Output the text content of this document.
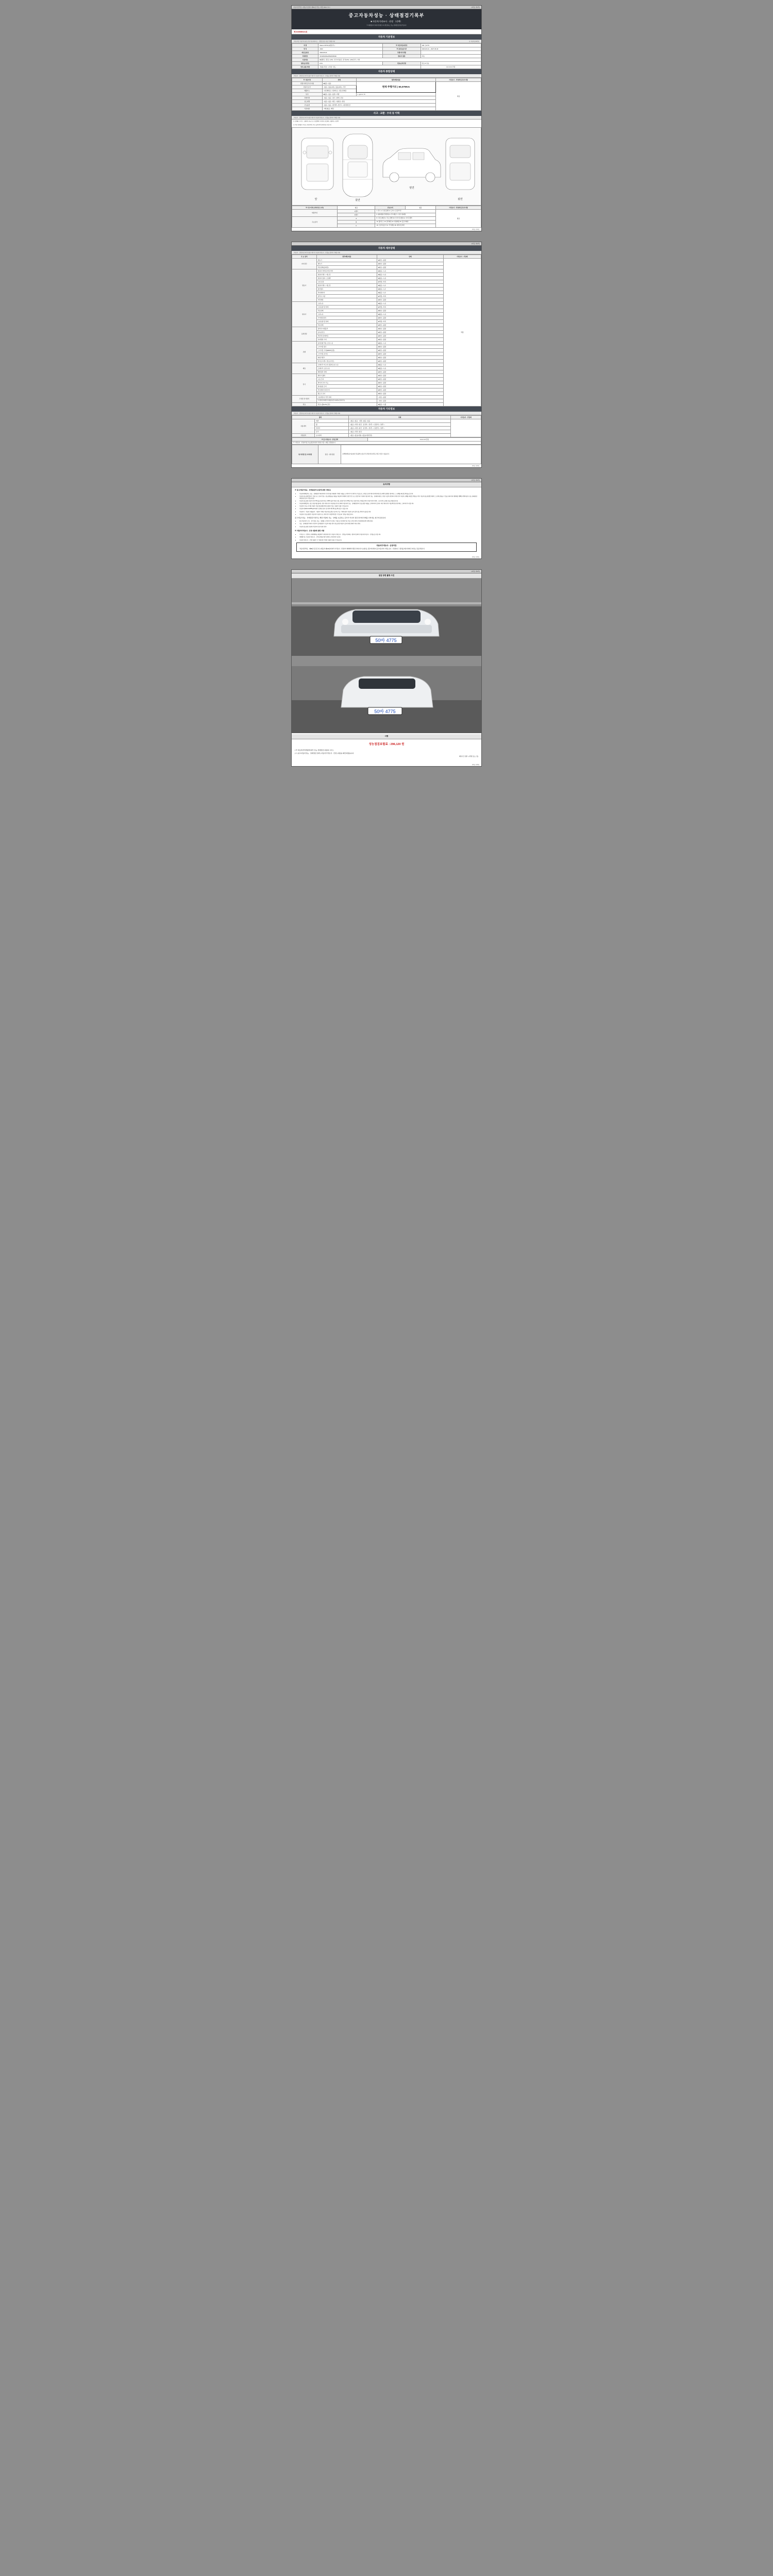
자동차관리법 시행규칙 [별지 제82호서식] <개정 2021.7.6.>	(3쪽중 제1쪽)
중고자동차성능 · 상태점검기록부
■ 자동차가격조사 · 산정 （선택）
※ 매매업자가 매수인에게 고지·발급하는 성능·상태점검기록부입니다
제 0235089131호
자동차 기본정보
(자동차법 거짓기재 통보신청 자동차관리소 · 산업별 검토사항 기재됩니다)	※ 자동차등록번호
차 명	Mean 2.0TDI (4륜방식 )	※ 자동차등록번호	106 구4775
연 식	2023	※ 검사유효기간	2023-06-01 ~ 2027-06-30
최초등록일	2023-05-31	주행거리 현황	-
차대번호	WVWZZZ3HZPEX005300	변속기 종류	자동
사용연료	■휘발유 □경유 □LPG □전기/가솔린 □전기/LPG □LPG전기 □기타		
형식승인번호	D7U	연료/승차인원	연료 5 인승
연식·유종·색상	전(前) 차량 : 1 차량 / 결도 :		0 0 0 0 0 만원
자동차 종합상태
(자동차 · 산업에 및 특기사항은 매수자 자동차가격조사 · 산업을 결과에 기재합니다)
※ 사용이력	상태	항목/해당내용	가격조사 · 산업에 및 특기사항
연점기계 및 특기사항	■없음 □있음	현재 주행거리 | 50,079Km	적정
자동차 초기	□없음 □있음(1회) □있음(2회) □기타		
배출가스	□일산화탄소 □탄화수소 □질소산화물		
튜닝	■없음 □있음 □불법 □적법	1. ppm 2. %	
특별이력	□없음 □있음 □침수 □화재 □전손		
용도변경	□없음 □있음 □렌트 □영업용 □관용		
주요옵션	□없음 □있음 □에어백 □썬루프 □네비게이션		
리콜대상	□해당없음 □해당		
사고 · 교환 · 수리 등 이력
(자동차 · 산업에 및 특기사항은 매수자 자동차가격조사 · 산업을 결과에 기재합니다)
※ 상태표시 부호 : 교환(X), 판금 또는 용접(W), 부식(C), 흠집(A), 요철(U), 손상(T)
※ 하단 상태표시 부호는 외판부위, 주요 골격부위 상태에 표시합니다
앞	윗면
옆면
뒷면
※ 사고이력 (교차/단순 수리)	없음	단순수리	없음	가격조사 · 산업에 및 특기사항
외판부위	1랭크	1. 후드 2. 프론트펜더 3. 도어 4. 트렁크리드		없음
	2랭크	5. 쿼터패널(리어펜더) 6. 루프패널 7. 사이드실패널		
주요골격	A	8. 프론트패널 9. 크로스멤버 10. 인사이드패널 11. 사이드멤버		
	B	12. 휠하우스 13. 필러패널 14. 대쉬패널 15. 플로어패널		
	C	16. 트렁크플로어 17. 리어패널 18. 패키지트레이		
(3쪽중 제1쪽)
(3쪽중 제2쪽)
자동차 세부상태
(자동차 · 산업에 및 특기사항은 매수자 자동차가격조사 · 산업을 결과에 기재합니다)
주 요 장치	항목/해당내용	상태	가격조사 · 산업에
자기진단	원동기	■양호 □불량	적정
	변속기	■양호 □불량	
	작동상태(공회전)	■양호 □불량	
원동기	실린더 커버/로커암 커버	■없음 □누유	
	실린더 헤드 / 개스킷	■없음 □누유	
	실린더 블록 / 오일팬	■없음 □누유	
	오일 유량	■적정 □부족	
	실린더 헤드 / 개스킷	■없음 □누수	
	워터펌프	■없음 □누수	
	라디에이터	■없음 □누수	
	냉각수 수량	■적정 □부족	
	커먼레일	■양호 □불량	
변속기	오일누유	■없음 □누유	
	오일유량 및 상태	■적정 □부족	
	작동상태	■양호 □불량	
	오일누유	■없음 □누유	
	기어변속장치	■양호 □불량	
	오일유량 및 상태	■적정 □부족	
	작동상태	■양호 □불량	
동력전달	클러치 어셈블리	■양호 □불량	
	등속조인트	■양호 □불량	
	추진축 및 베어링	■양호 □불량	
	디퍼렌셜 기어	■양호 □불량	
조향	동력조향 작동 오일 누유	■없음 □누유	
	스티어링 펌프	■양호 □불량	
	스티어링 기어(MDPS포함)	■양호 □불량	
	스티어링 조인트	■양호 □불량	
	파워크랭크	■양호 □불량	
	타이로드엔드 및 볼 조인트	■양호 □불량	
제동	브레이크 마스터 실린더오일 누유	■없음 □누유	
	브레이크 오일 누유	■없음 □누유	
	배력장치 상태	■양호 □불량	
전기	발전기 출력	■양호 □불량	
	시동 모터	■양호 □불량	
	와이퍼 모터 기능	■양호 □불량	
	실내송풍 모터	■양호 □불량	
	라디에이터 팬 모터	■양호 □불량	
	윈도우 모터	■양호 □불량	
고전원 전기장치	구동축전지 격리 상태	□양호 □불량	
	고전원전기배선 상태(접속단자/피복/손상/부식)	□양호 □불량	
연료	연료누출(LPG포함)	■없음 □누출	
자동차 기타정보
(자동차 · 산업에 및 특기사항은 매수자 자동차가격조사 · 산업을 결과에 기재합니다)
항목		상태	가격조사 · 산업에
사용내역	외관	□없음 □있음 내장 □없음 □있음	
	휠	□없음 □교환 □판금 운전석 □ 전/후 □ / 동반석 □ 전/후 □	
	타이어	□없음 □교환 □판금 운전석 □ 전/후 □ / 동반석 □ 전/후 □	
	유리	□없음 □교환 □판금	
기본품목	보수내역	□없음 □있음(지참) □있음(지참안함)	
※ 총 가격조사 · 산정 금액	0 0 0 0 0 만원
※ 가격조사 · 산정가격은 성능점검기록부 작성일 기준 시세로 산정합니다
특기사항 및 고지사항	점검 · 내부점검	본/해외에널오입/보험 컨트롤박스/들/고치 부분인입 완경 도색은 인물 수 있습니다.
(3쪽중 제2쪽)
(3쪽중 제3쪽)
유의사항
※ 중고자동차성능 · 상태점검의 보증에 관한 사항 등
• 자동차매매업자는 성능 · 상태점검기록부(이하 '산정 내용 제외)에 기재된 내용을 고지하지 아니하거나 거짓으로 고지함으로써 매수인에게 재산상 손해가 발생한 경우에는 그 손해를 배상할 책임을 집니다.
• 자동차성능점검업자가 거짓 또는 오류가 있는 성능점검물을 내용을 제공하여 매매의 보증기간 또는 보증거리 이내에 자동차의 성능 · 상태에 대한 고지한 사실이 관련되어 매수인이 자동차 손해를 배상할 책임을 지며, 자동차성능점검업자에게 그 손해 상당을 수 있습니다(이하 생략)(법 제58조의5(자동차 성능·상태점검 책임보험 등의 가입) 관련)
• 자동차성능점검 보험기간은 30 일을 보증거리는 2,000 킬로미터로 최소 (보증기간은 30일 이상, 보증거리는 2천킬로미터 이상이어야 하며, 그 중 먼저 도래한 것을 적용합니다)
• 자동차매매업자는 중고자동차를 팔려는 경우 매수인이 자동차를 인수한 때에 자동차의 성능 · 상태점검자의 성능점검 내용을 고지하여야 합니다. 다만 매수인이 이를 확인한 경우에는 그러하지 아니합니다.
• 자동차의 성능 (구매) 사항은 자동차등록원부에 등록되어 있는 내용과 다를 수 있습니다.
• 자동차의(www.car365.go.kr)에서 상세한 검사 및 정비이력 확인을 확인할 수 있습니다.
• 자동차의 · 자동차 내용물과 · 사항목 기재한 자동차성능정보 및 주요기능 기재사항과 자동차 등과 같은 별도 확인이 필요합니다.
• 자동차의 성능점검은 자동차의 사용자 또는 매수인이 직접 확인할 수 있도록 기준을 제공합니다.
중고자동차성능 · 상태점검기록부는 해당 차량의 성능 · 상태를 보증하는 문서가 아니며 점검 당시의 상태를 나타내는 참고자료입니다.
• 중고자동차의 구조 · 장치 별도 성능 · 상태를 고지하지 아니하고 거짓으로 검검하거나 거짓 고지한 경우 (거짓/상태 관련 피해 보상)
• 성능 · 상태점검기록부 작성자의 실제점검이 사실과 다를 경우 (성능점검 내용과 실제 차량 상태가 다른 경우)
• 자동차성능점검 보험에 가입되어 있지 않은 경우
※ 자동차가격조사 · 산정 내용에 관한 사항
• 가격조사 · 산정자는 매매계약을 체결하기 전에 매수인이 자동차 가격조사 · 산정을 의뢰하는 경우에 한하여 자동차가격조사 · 산정을 실시합니다.
• 매매업자는 자동차가격조사 · 산정 결과를 매수인에게 고지하여야 합니다.
• 자동차가격조사 · 산정 내용은 이 기록부에 기재된 내용과 다를 수 있습니다.
자동차가격조사 · 산정이란
「자동차관리법」 제58조 및 같은 법 시행규칙 제120조에 따라 가격조사 · 산정자가 매매계약 체결 전 매수인이 요청하는 경우에 한하여 중고자동차의 가격을 조사 · 산정하여 그 결과를 매수인에게 고지하는 것을 말합니다.
(3쪽중 제3쪽)
(3쪽중 제3쪽)
점검 장면 촬영 사진
50바 4775
50바 4775
서명
성능점검보험료 : 296,120 원
[ ※ 자동차관리법령에 따라 성능·상태점검 내용의 고지 ]
[ Y ] 중고자동차성능 · 상태점검 결과 [ 자동차가격조사 · 산정 ] 내용을 확인하였습니다.
매수인 성명 : (서명 또는 인)
(3쪽중 제3쪽)
